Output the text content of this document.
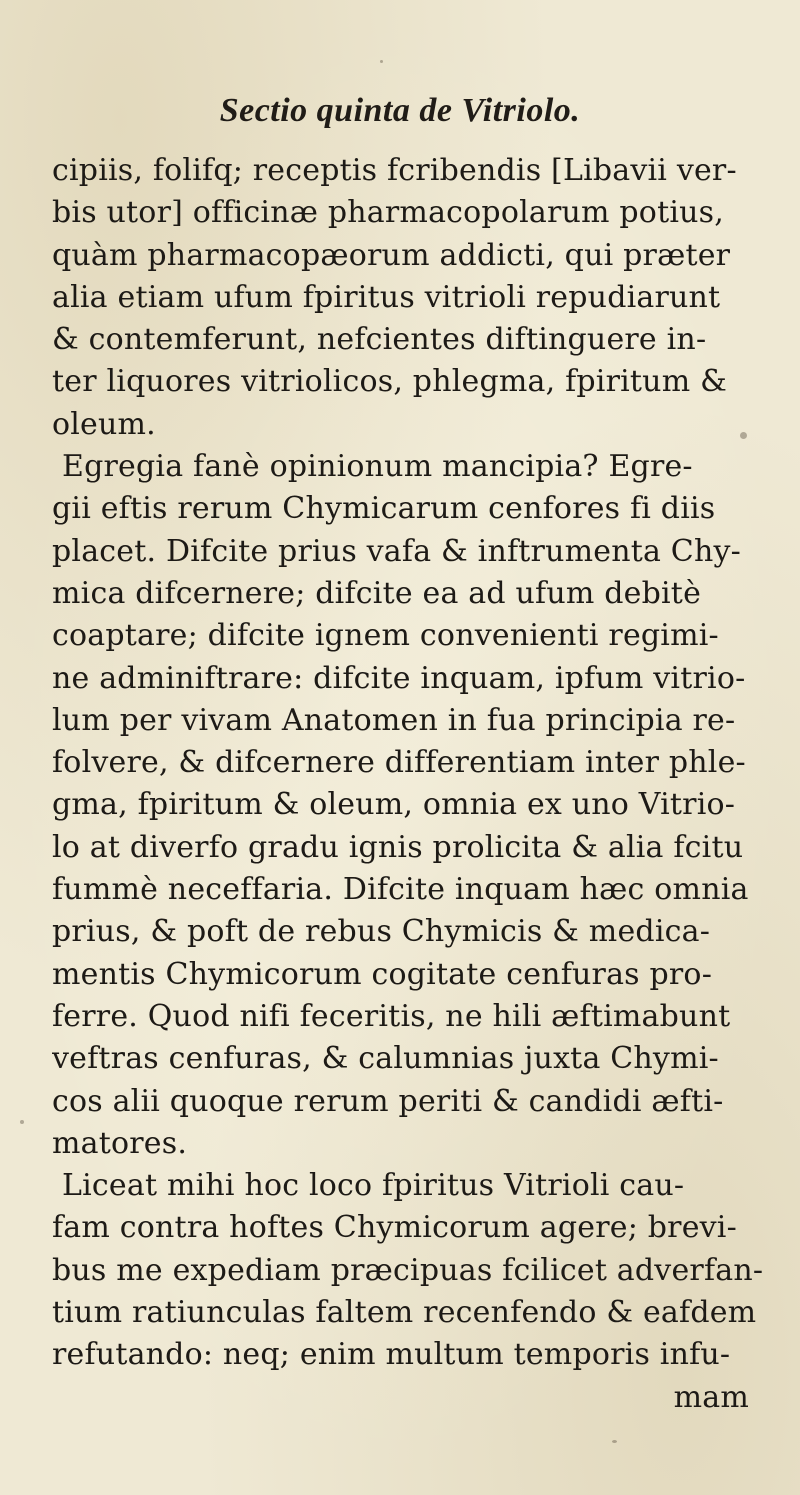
Sectio quinta de Vitriolo.
cipiis, folifq; receptis fcribendis [Libavii ver-
bis utor] officinæ pharmacopolarum potius,
quàm pharmacopæorum addicti, qui præter
alia etiam ufum fpiritus vitrioli repudiarunt
& contemferunt, nefcientes diftinguere in-
ter liquores vitriolicos, phlegma, fpiritum &
oleum.
Egregia fanè opinionum mancipia? Egre-
gii eftis rerum Chymicarum cenfores fi diis
placet. Difcite prius vafa & inftrumenta Chy-
mica difcernere; difcite ea ad ufum debitè
coaptare; difcite ignem convenienti regimi-
ne adminiftrare: difcite inquam, ipfum vitrio-
lum per vivam Anatomen in fua principia re-
folvere, & difcernere differentiam inter phle-
gma, fpiritum & oleum, omnia ex uno Vitrio-
lo at diverfo gradu ignis prolicita & alia fcitu
fummè neceffaria. Difcite inquam hæc omnia
prius, & poft de rebus Chymicis & medica-
mentis Chymicorum cogitate cenfuras pro-
ferre. Quod nifi feceritis, ne hili æftimabunt
veftras cenfuras, & calumnias juxta Chymi-
cos alii quoque rerum periti & candidi æfti-
matores.
Liceat mihi hoc loco fpiritus Vitrioli cau-
fam contra hoftes Chymicorum agere; brevi-
bus me expediam præcipuas fcilicet adverfan-
tium ratiunculas faltem recenfendo & eafdem
refutando: neq; enim multum temporis infu-
mam
